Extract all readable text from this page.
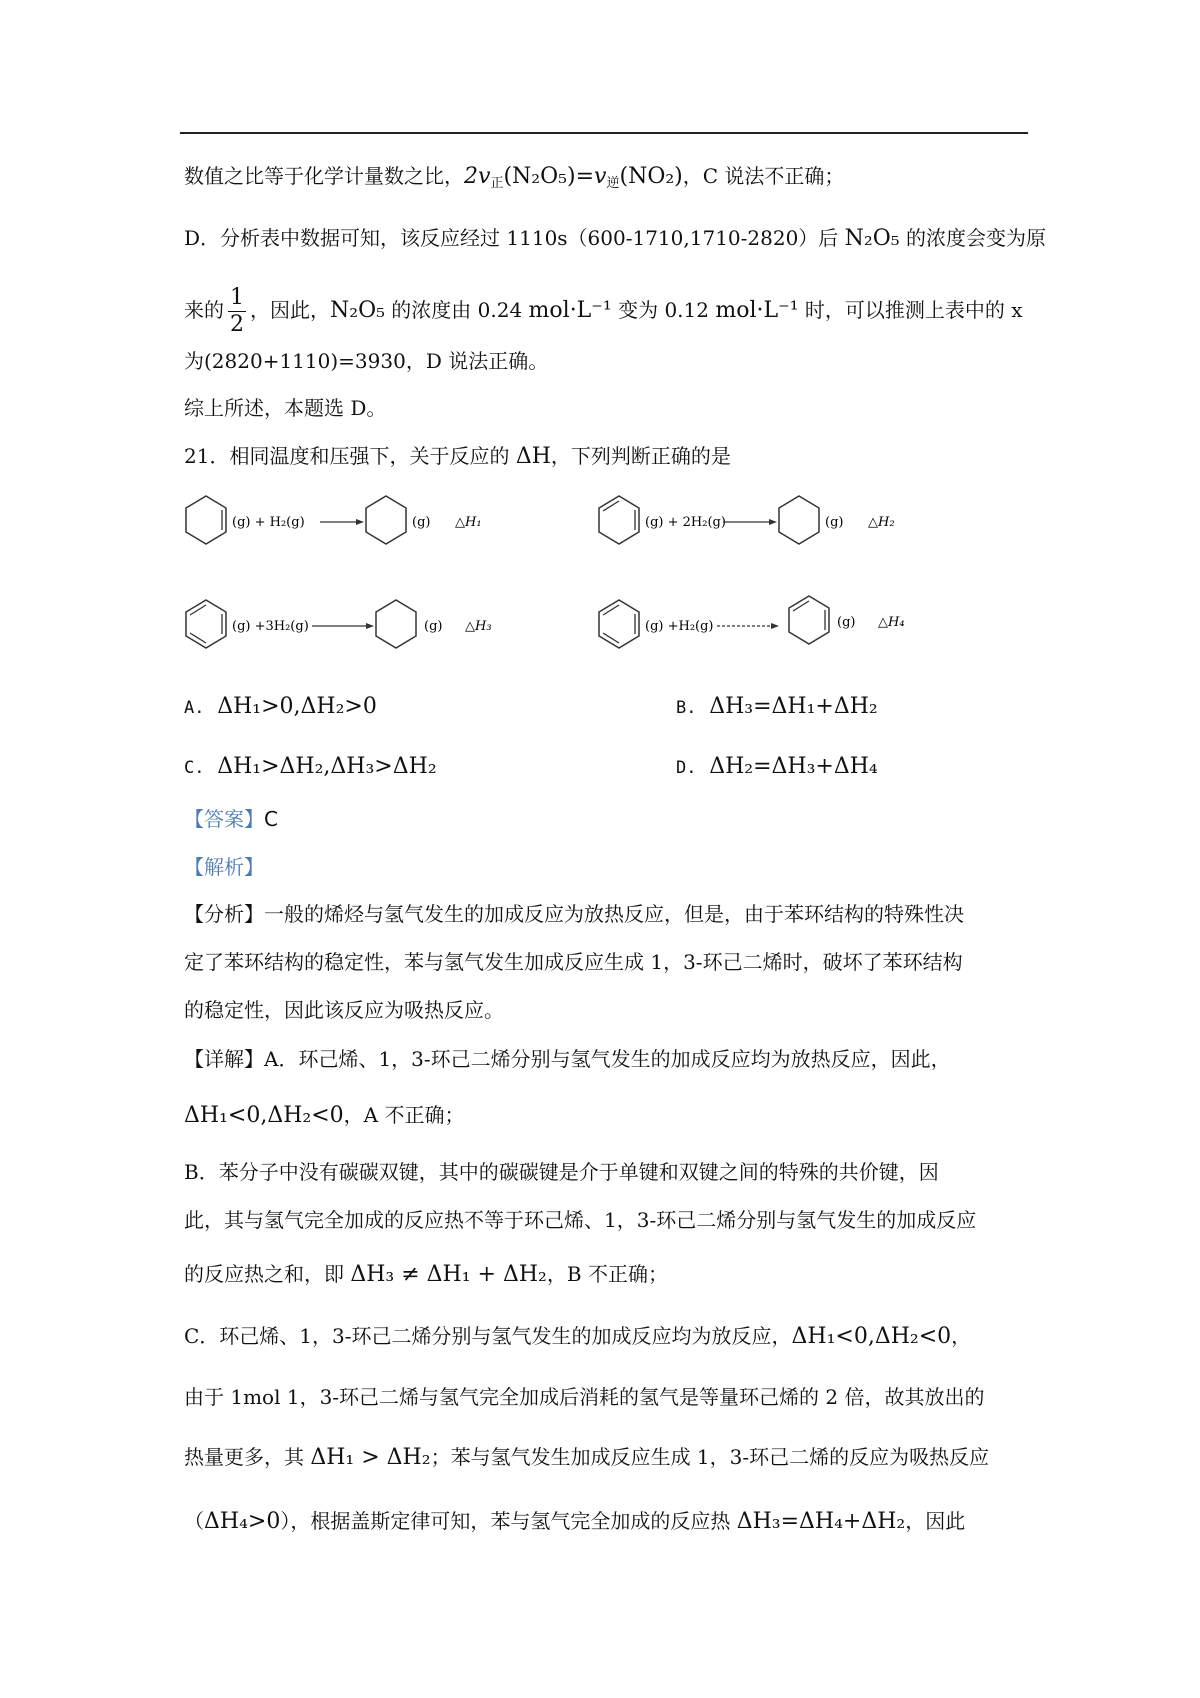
数值之比等于化学计量数之比，$2v_正(N_2O_5)=v_逆(NO_2)$，C 说法不正确；
D．分析表中数据可知，该反应经过 1110s（600-1710,1710-2820）后 N₂O₅ 的浓度会变为原
来的 $\frac{1}{2}$ ，因此，N₂O₅ 的浓度由 0.24 mol·L⁻¹ 变为 0.12 mol·L⁻¹ 时，可以推测上表中的 x
为(2820+1110)=3930，D 说法正确。
综上所述，本题选 D。
21．相同温度和压强下，关于反应的 ΔH，下列判断正确的是
(g) + H₂(g)	(g) △H₁	(g) + 2H₂(g)	(g) △H₂
(g) +3H₂(g)	(g) △H₃	(g) +H₂(g)	(g) △H₄
A. ΔH₁>0,ΔH₂>0	B. ΔH₃=ΔH₁+ΔH₂
C. ΔH₁>ΔH₂,ΔH₃>ΔH₂	D. ΔH₂=ΔH₃+ΔH₄
【答案】C
【解析】
【分析】一般的烯烃与氢气发生的加成反应为放热反应，但是，由于苯环结构的特殊性决
定了苯环结构的稳定性，苯与氢气发生加成反应生成 1，3-环己二烯时，破坏了苯环结构
的稳定性，因此该反应为吸热反应。
【详解】A．环己烯、1，3-环己二烯分别与氢气发生的加成反应均为放热反应，因此，
ΔH₁<0,ΔH₂<0，A 不正确；
B．苯分子中没有碳碳双键，其中的碳碳键是介于单键和双键之间的特殊的共价键，因
此，其与氢气完全加成的反应热不等于环己烯、1，3-环己二烯分别与氢气发生的加成反应
的反应热之和，即 ΔH₃ ≠ ΔH₁ + ΔH₂，B 不正确；
C．环己烯、1，3-环己二烯分别与氢气发生的加成反应均为放反应，ΔH₁<0,ΔH₂<0，
由于 1mol 1，3-环己二烯与氢气完全加成后消耗的氢气是等量环己烯的 2 倍，故其放出的
热量更多，其 ΔH₁ > ΔH₂；苯与氢气发生加成反应生成 1，3-环己二烯的反应为吸热反应
（ΔH₄>0），根据盖斯定律可知，苯与氢气完全加成的反应热 ΔH₃=ΔH₄+ΔH₂，因此
